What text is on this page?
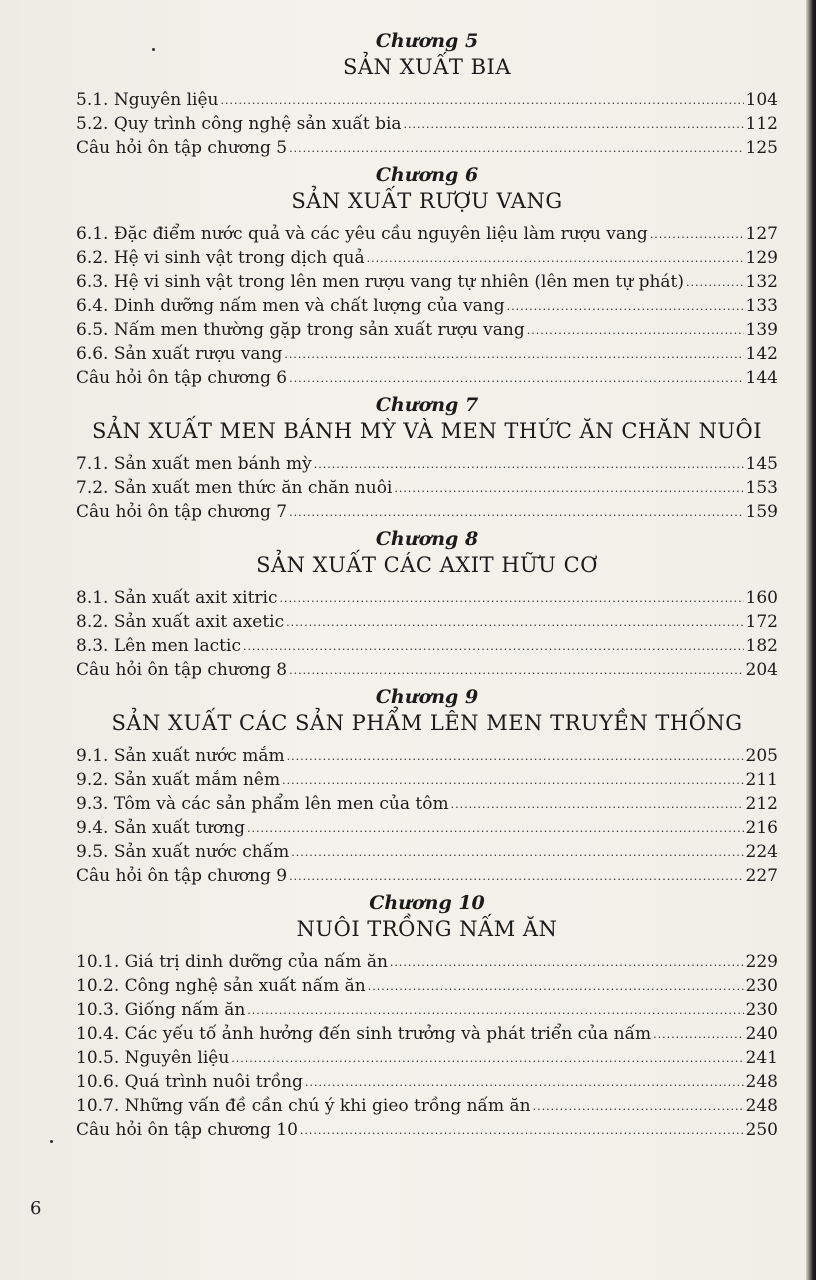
Chương 5
SẢN XUẤT BIA
5.1. Nguyên liệu .....	104
5.2. Quy trình công nghệ sản xuất bia .....	112
Câu hỏi ôn tập chương 5 .....	125
Chương 6
SẢN XUẤT RƯỢU VANG
6.1. Đặc điểm nước quả và các yêu cầu nguyên liệu làm rượu vang .....	127
6.2. Hệ vi sinh vật trong dịch quả .....	129
6.3. Hệ vi sinh vật trong lên men rượu vang tự nhiên (lên men tự phát) .....	132
6.4. Dinh dưỡng nấm men và chất lượng của vang .....	133
6.5. Nấm men thường gặp trong sản xuất rượu vang .....	139
6.6. Sản xuất rượu vang .....	142
Câu hỏi ôn tập chương 6 .....	144
Chương 7
SẢN XUẤT MEN BÁNH MỲ VÀ MEN THỨC ĂN CHĂN NUÔI
7.1. Sản xuất men bánh mỳ .....	145
7.2. Sản xuất men thức ăn chăn nuôi .....	153
Câu hỏi ôn tập chương 7 .....	159
Chương 8
SẢN XUẤT CÁC AXIT HỮU CƠ
8.1. Sản xuất axit xitric .....	160
8.2. Sản xuất axit axetic .....	172
8.3. Lên men lactic .....	182
Câu hỏi ôn tập chương 8 .....	204
Chương 9
SẢN XUẤT CÁC SẢN PHẨM LÊN MEN TRUYỀN THỐNG
9.1. Sản xuất nước mắm .....	205
9.2. Sản xuất mắm nêm .....	211
9.3. Tôm và các sản phẩm lên men của tôm .....	212
9.4. Sản xuất tương .....	216
9.5. Sản xuất nước chấm .....	224
Câu hỏi ôn tập chương 9 .....	227
Chương 10
NUÔI TRỒNG NẤM ĂN
10.1. Giá trị dinh dưỡng của nấm ăn .....	229
10.2. Công nghệ sản xuất nấm ăn .....	230
10.3. Giống nấm ăn .....	230
10.4. Các yếu tố ảnh hưởng đến sinh trưởng và phát triển của nấm .....	240
10.5. Nguyên liệu .....	241
10.6. Quá trình nuôi trồng .....	248
10.7. Những vấn đề cần chú ý khi gieo trồng nấm ăn .....	248
Câu hỏi ôn tập chương 10 .....	250
6
